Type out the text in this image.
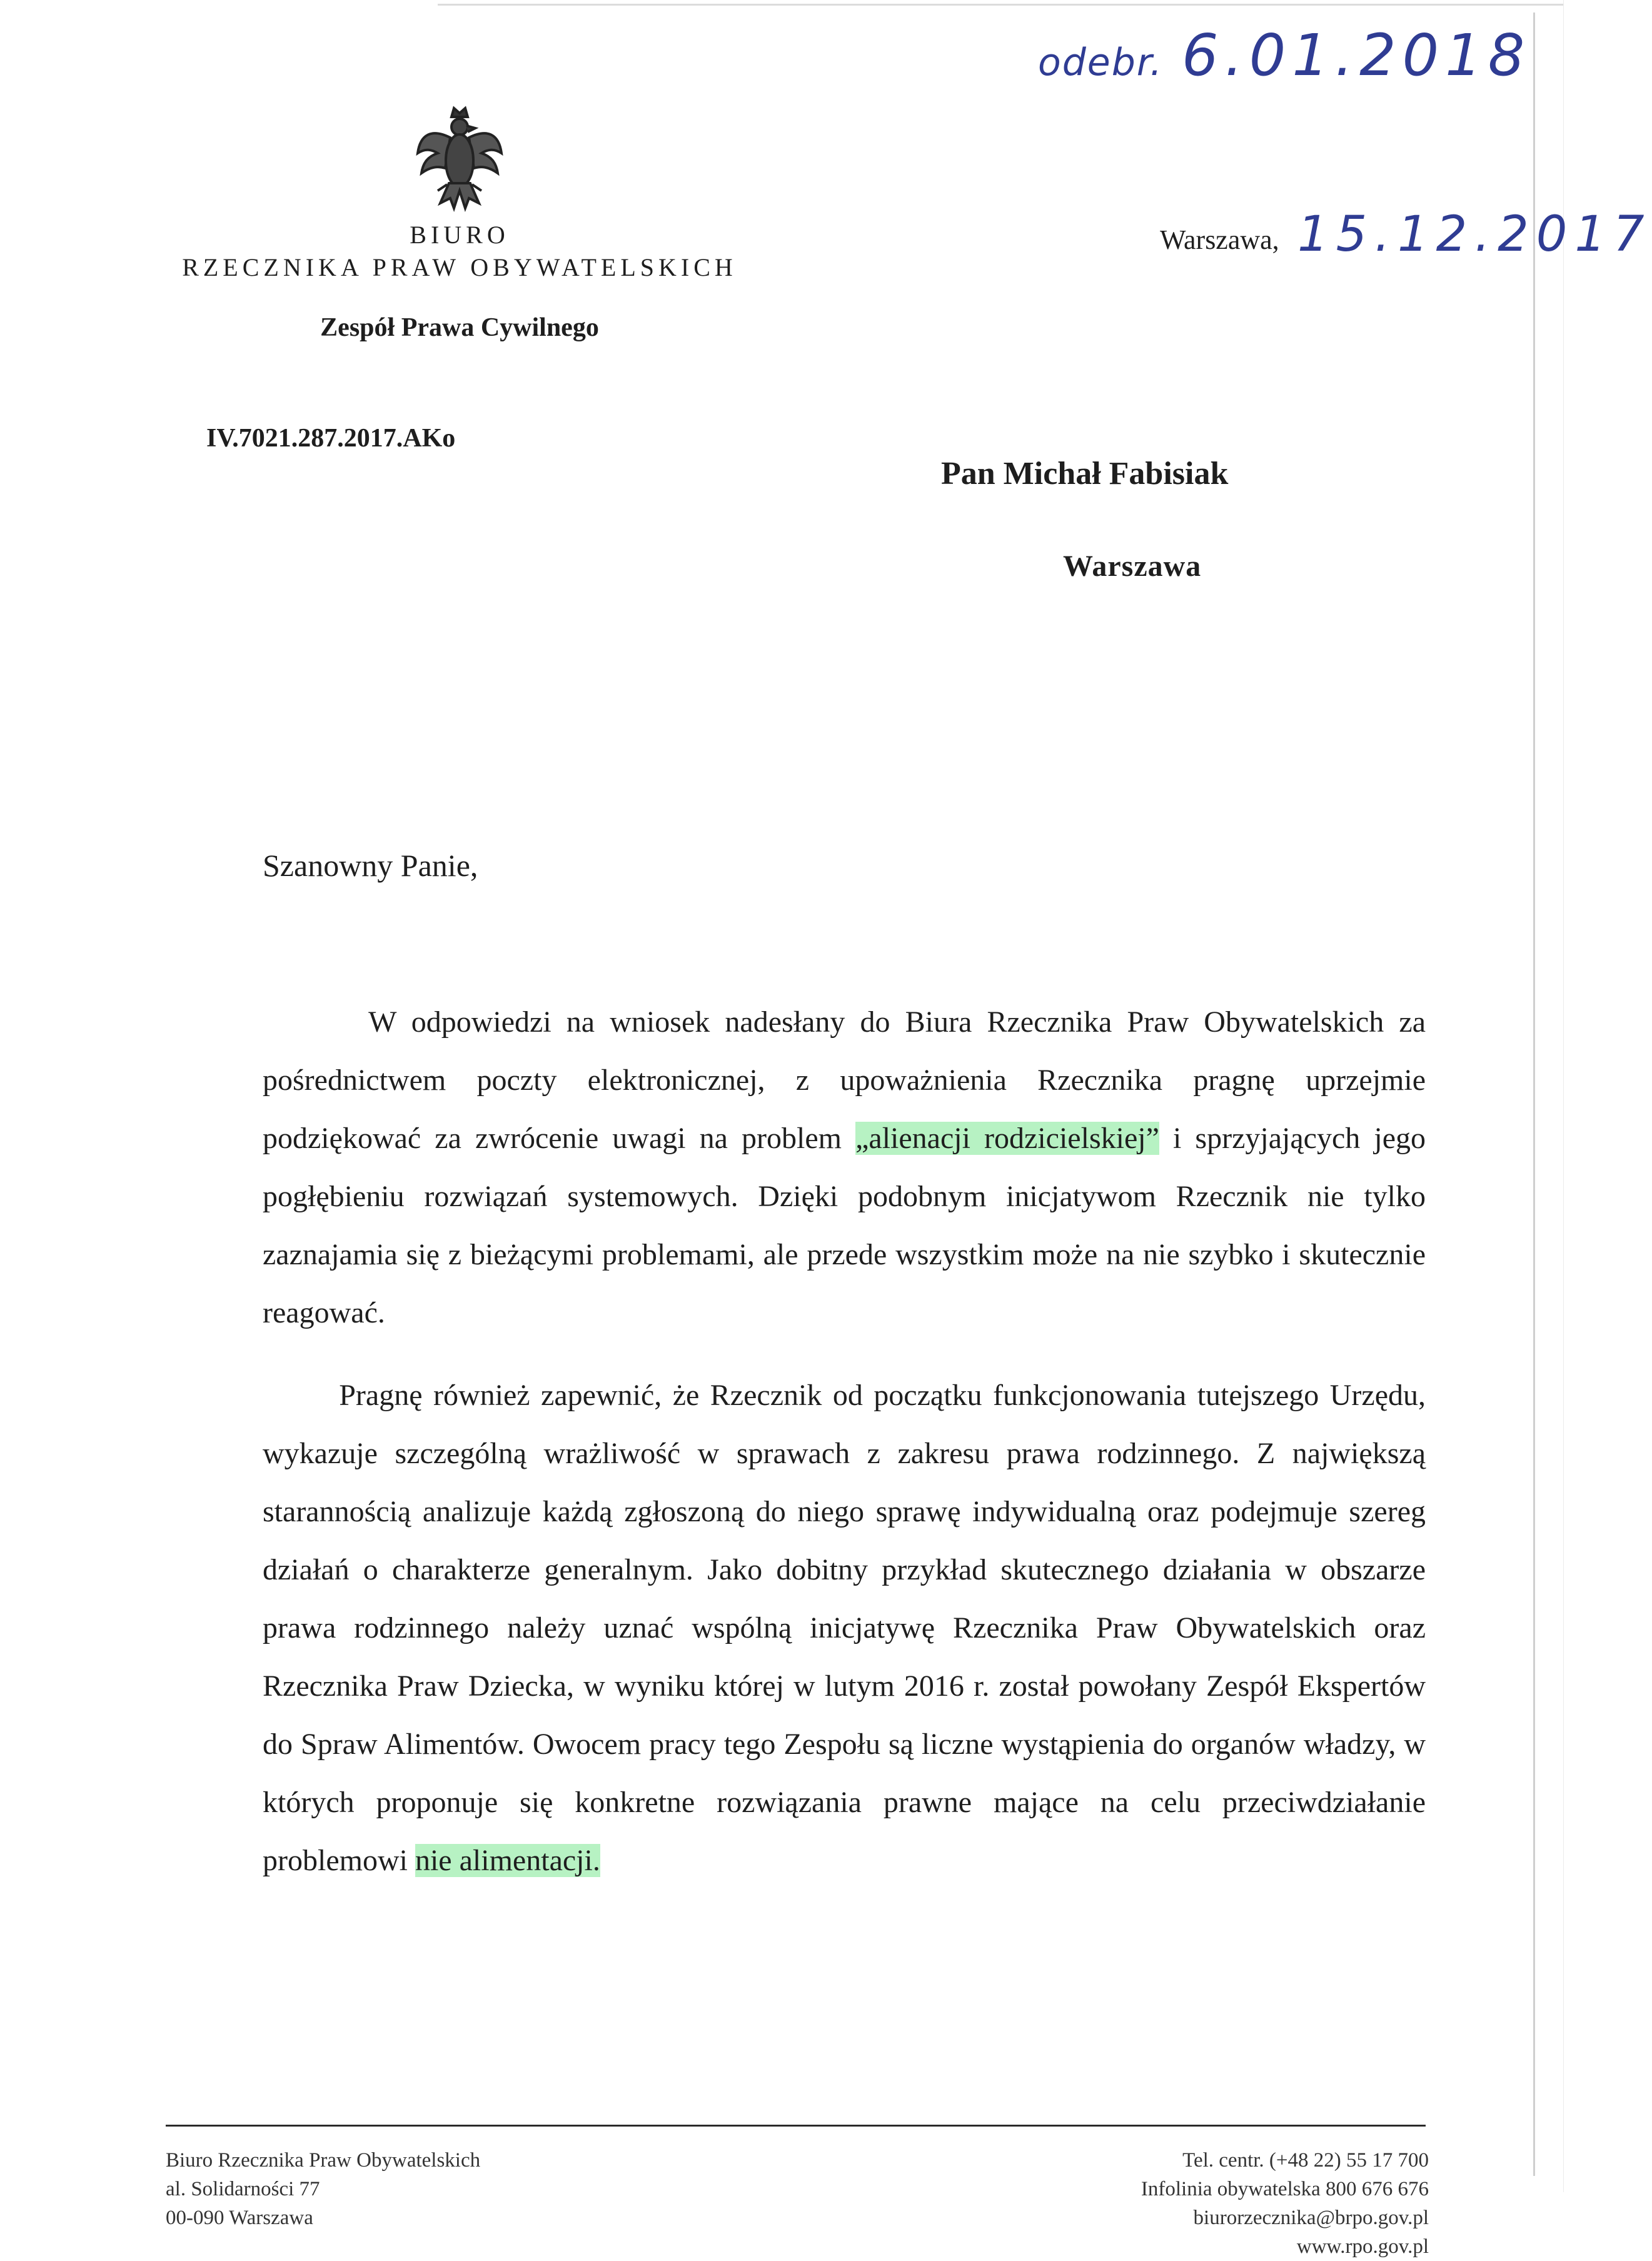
odebr. 6.01.2018
BIURO
RZECZNIKA PRAW OBYWATELSKICH
Zespół Prawa Cywilnego
IV.7021.287.2017.AKo
Warszawa, 15.12.2017
Pan Michał Fabisiak
Warszawa
Szanowny Panie,
W odpowiedzi na wniosek nadesłany do Biura Rzecznika Praw Obywatelskich za pośrednictwem poczty elektronicznej, z upoważnienia Rzecznika pragnę uprzejmie podziękować za zwrócenie uwagi na problem „alienacji rodzicielskiej” i sprzyjających jego pogłębieniu rozwiązań systemowych. Dzięki podobnym inicjatywom Rzecznik nie tylko zaznajamia się z bieżącymi problemami, ale przede wszystkim może na nie szybko i skutecznie reagować.
Pragnę również zapewnić, że Rzecznik od początku funkcjonowania tutejszego Urzędu, wykazuje szczególną wrażliwość w sprawach z zakresu prawa rodzinnego. Z największą starannością analizuje każdą zgłoszoną do niego sprawę indywidualną oraz podejmuje szereg działań o charakterze generalnym. Jako dobitny przykład skutecznego działania w obszarze prawa rodzinnego należy uznać wspólną inicjatywę Rzecznika Praw Obywatelskich oraz Rzecznika Praw Dziecka, w wyniku której w lutym 2016 r. został powołany Zespół Ekspertów do Spraw Alimentów. Owocem pracy tego Zespołu są liczne wystąpienia do organów władzy, w których proponuje się konkretne rozwiązania prawne mające na celu przeciwdziałanie problemowi nie alimentacji.
Biuro Rzecznika Praw Obywatelskich
al. Solidarności 77
00-090 Warszawa
Tel. centr. (+48 22) 55 17 700
Infolinia obywatelska 800 676 676
biurorzecznika@brpo.gov.pl
www.rpo.gov.pl
